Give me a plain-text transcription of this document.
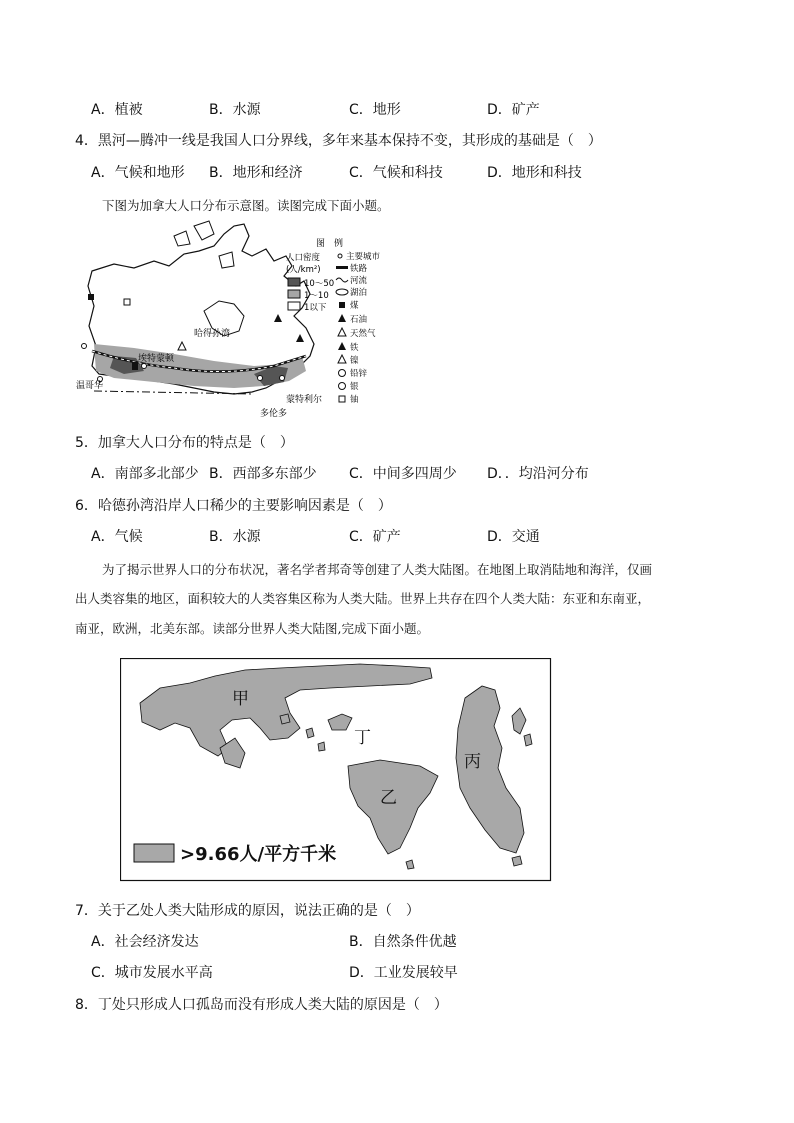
A．植被	B．水源	C．地形	D．矿产
4．黑河—腾冲一线是我国人口分界线，多年来基本保持不变，其形成的基础是（　）
A．气候和地形 B．地形和经济	C．气候和科技	D．地形和科技
下图为加拿大人口分布示意图。读图完成下面小题。
哈得孙湾
埃特蒙顿
温哥华
蒙特利尔
多伦多
图　例
人口密度
(人/km²)
10～50
1～10
1以下
主要城市
铁路
河流
湖泊
煤
石油
天然气
铁
镍
铅锌
银
铀
5．加拿大人口分布的特点是（　）
A．南部多北部少 B．西部多东部少 C．中间多四周少 D．．均沿河分布
6．哈德孙湾沿岸人口稀少的主要影响因素是（　）
A．气候	B．水源	C．矿产	D．交通
为了揭示世界人口的分布状况，著名学者邦奇等创建了人类大陆图。在地图上取消陆地和海洋，仅画
出人类容集的地区，面积较大的人类容集区称为人类大陆。世界上共存在四个人类大陆：东亚和东南亚，
南亚，欧洲，北美东部。读部分世界人类大陆图,完成下面小题。
甲
乙
丙
丁
>9.66人/平方千米
7．关于乙处人类大陆形成的原因，说法正确的是（　）
A．社会经济发达	B．自然条件优越
C．城市发展水平高	D．工业发展较早
8．丁处只形成人口孤岛而没有形成人类大陆的原因是（　）
